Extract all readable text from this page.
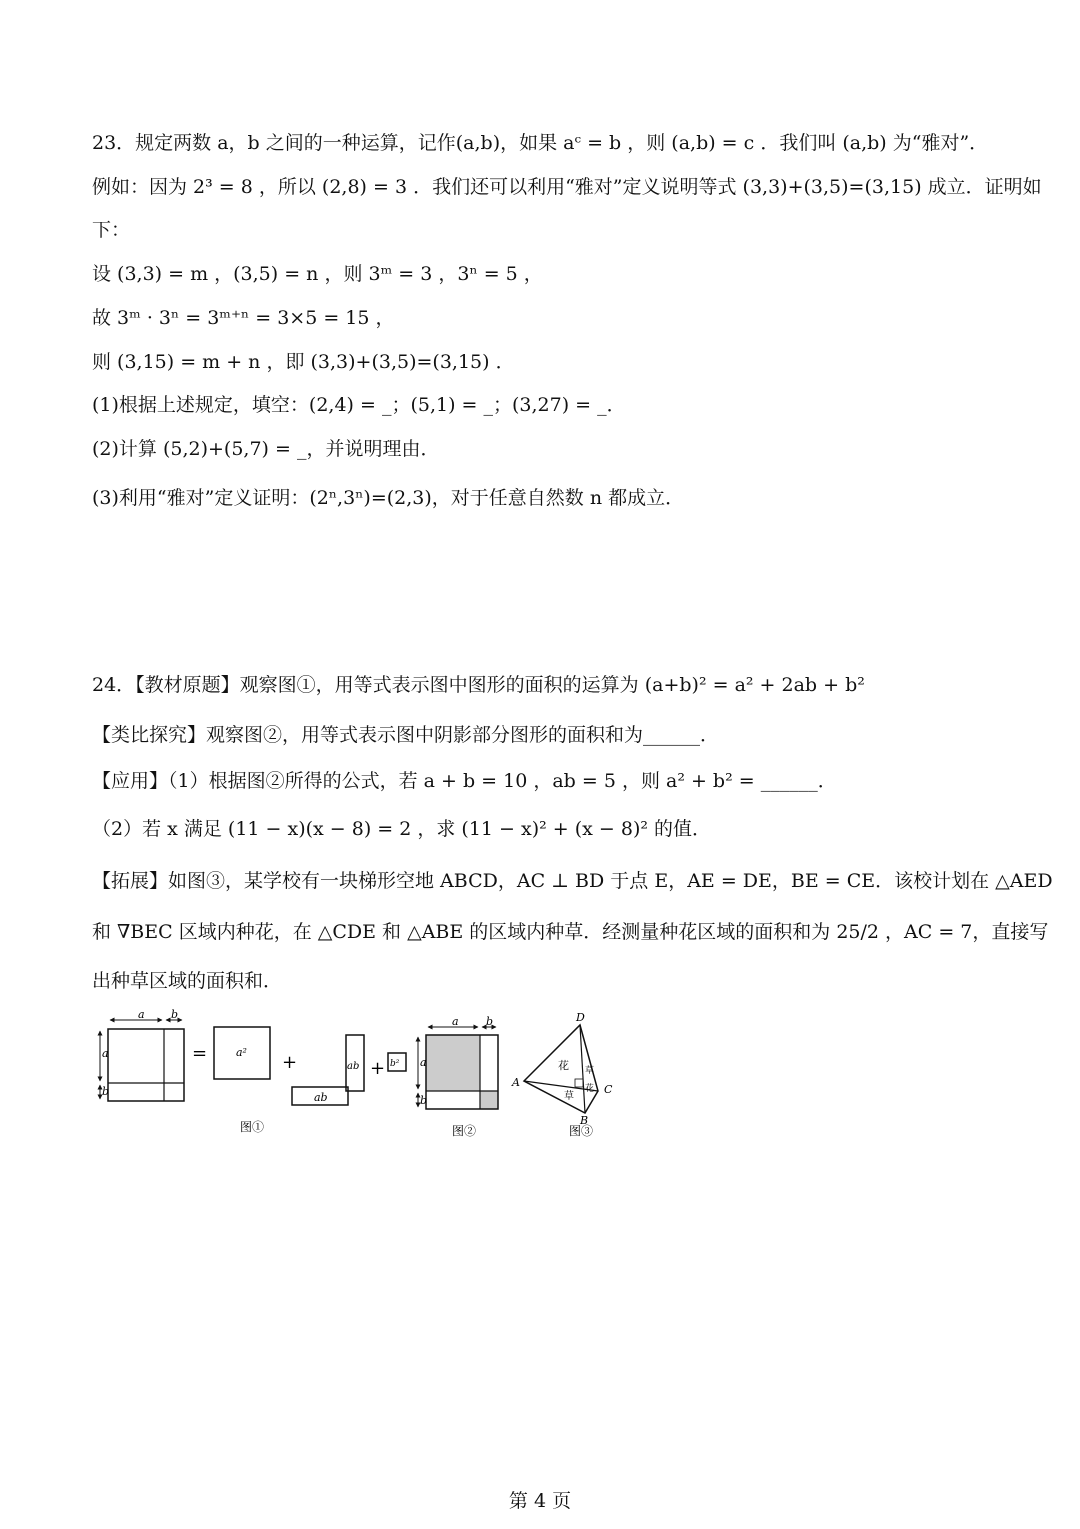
23．规定两数 a，b 之间的一种运算，记作(a,b)，如果 aᶜ = b ，则 (a,b) = c ．我们叫 (a,b) 为“雅对”．
例如：因为 2³ = 8 ，所以 (2,8) = 3 ．我们还可以利用“雅对”定义说明等式 (3,3)+(3,5)=(3,15) 成立．证明如
下：
设 (3,3) = m ，(3,5) = n ，则 3ᵐ = 3 ，3ⁿ = 5 ，
故 3ᵐ · 3ⁿ = 3ᵐ⁺ⁿ = 3×5 = 15 ，
则 (3,15) = m + n ，即 (3,3)+(3,5)=(3,15) ．
(1)根据上述规定，填空：(2,4) = _；(5,1) = _；(3,27) = _．
(2)计算 (5,2)+(5,7) = _，并说明理由．
(3)利用“雅对”定义证明：(2ⁿ,3ⁿ)=(2,3)，对于任意自然数 n 都成立．
24．【教材原题】观察图①，用等式表示图中图形的面积的运算为 (a+b)² = a² + 2ab + b²
【类比探究】观察图②，用等式表示图中阴影部分图形的面积和为______．
【应用】（1）根据图②所得的公式，若 a + b = 10 ，ab = 5 ，则 a² + b² = ______．
（2）若 x 满足 (11 − x)(x − 8) = 2 ，求 (11 − x)² + (x − 8)² 的值．
【拓展】如图③，某学校有一块梯形空地 ABCD，AC ⊥ BD 于点 E，AE = DE，BE = CE．该校计划在 △AED
和 ∇BEC 区域内种花，在 △CDE 和 △ABE 的区域内种草．经测量种花区域的面积和为 25/2 ，AC = 7，直接写
出种草区域的面积和．
a b
a
b
=	a² +	ab
ab
+ b²
图①
a b
a
b
图②
A
B
C
D
花 草
花
草
图③
第 4 页
